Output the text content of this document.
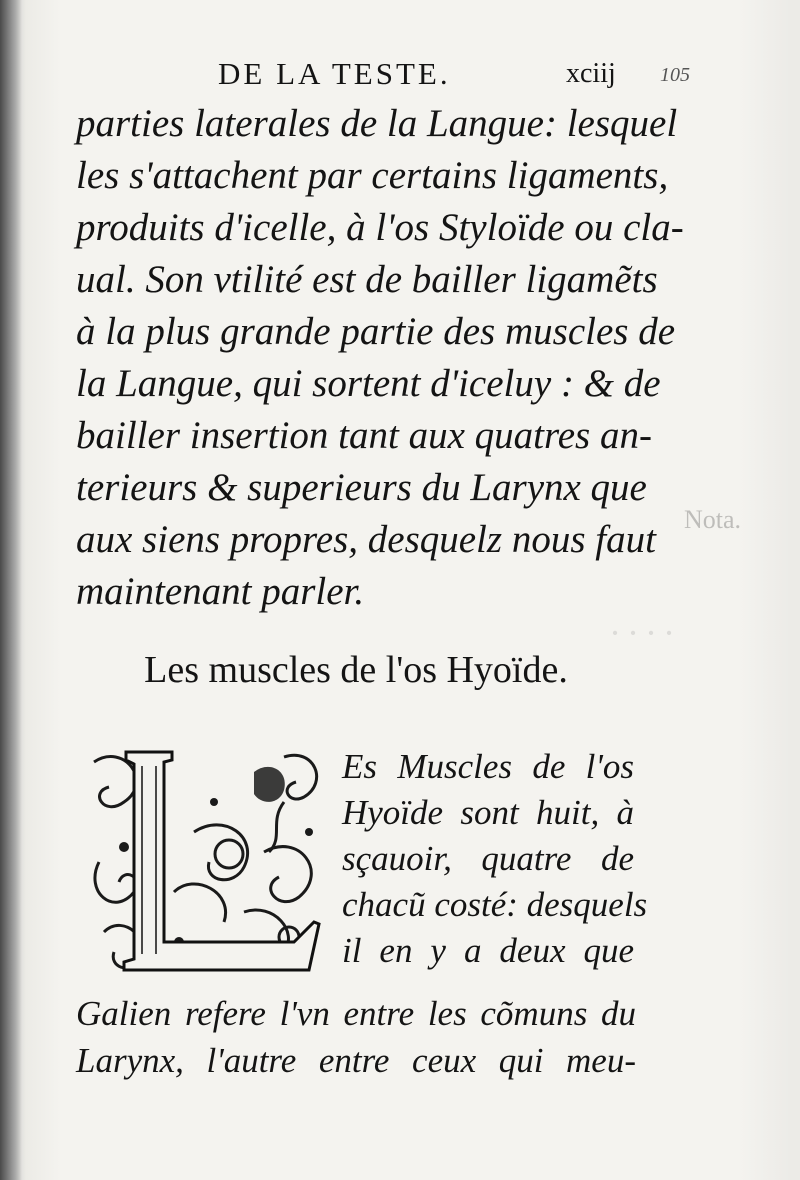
· · · ·
DE LA TESTE.	xciij 105
parties laterales de la Langue: lesquel
les s'attachent par certains ligaments,
produits d'icelle, à l'os Styloïde ou cla-
ual. Son vtilité est de bailler ligamẽts
à la plus grande partie des muscles de
la Langue, qui sortent d'iceluy : & de
bailler insertion tant aux quatres an-
terieurs & superieurs du Larynx que
aux siens propres, desquelz nous faut
maintenant parler.
Nota.
Les muscles de l'os Hyoïde.
Es Muscles de l'os
Hyoïde sont huit, à
sçauoir, quatre de
chacũ costé: desquels
il en y a deux que
Galien refere l'vn entre les cõmuns du
Larynx, l'autre entre ceux qui meu-
